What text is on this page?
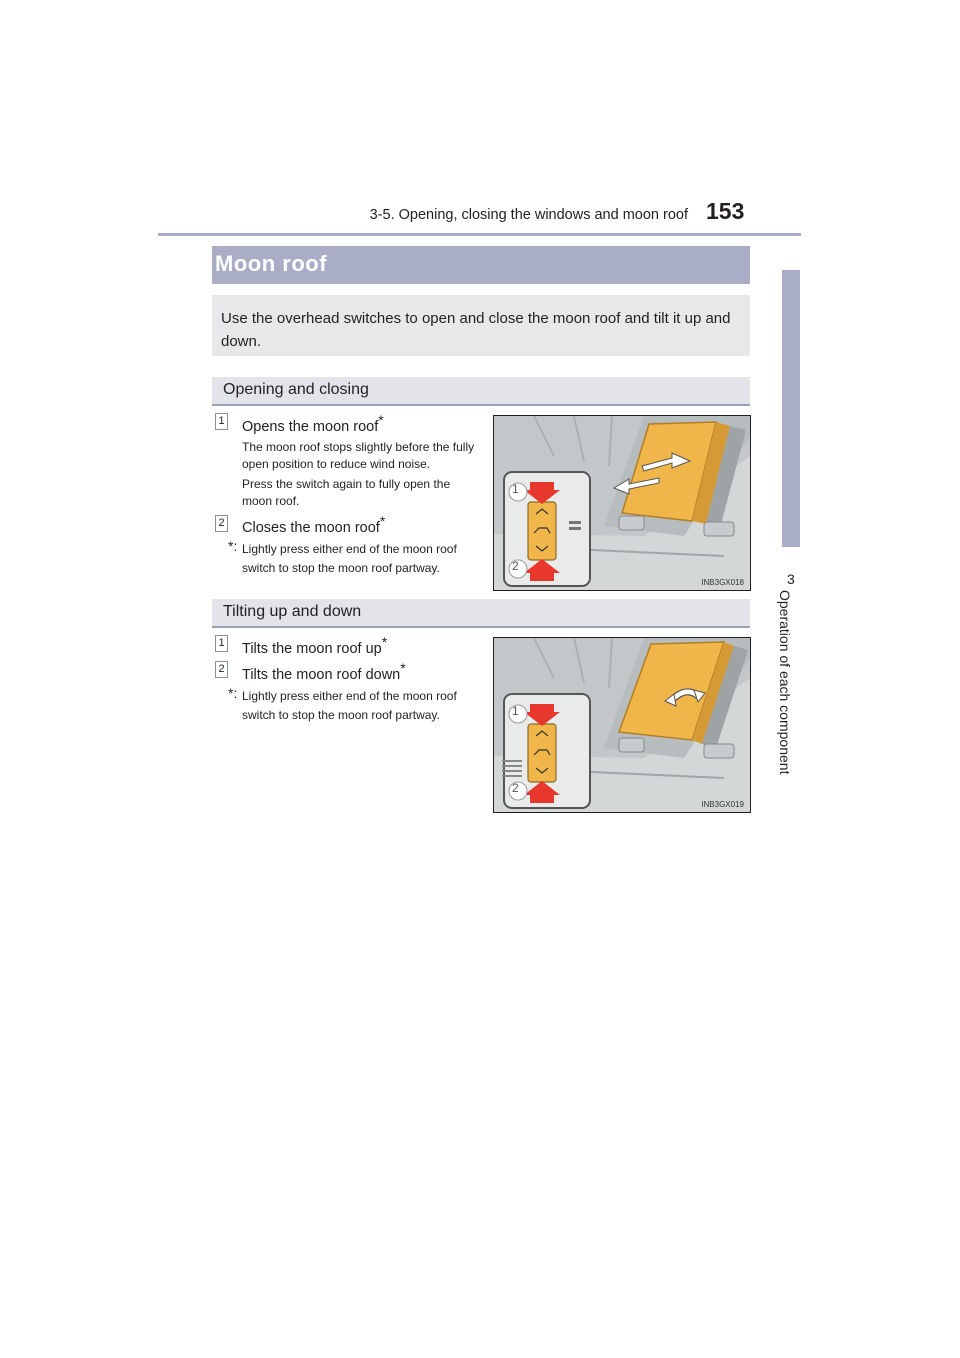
3-5. Opening, closing the windows and moon roof 153
3
Operation of each component
Moon roof

Use the overhead switches to open and close the moon roof and tilt it up and down.

Opening and closing
1 Opens the moon roof*
The moon roof stops slightly before the fully open position to reduce wind noise.
Press the switch again to fully open the moon roof.
2 Closes the moon roof*
*: Lightly press either end of the moon roof switch to stop the moon roof partway.
1
2
INB3GX018
Tilting up and down
1 Tilts the moon roof up*
2 Tilts the moon roof down*
*: Lightly press either end of the moon roof switch to stop the moon roof partway.	1
2
INB3GX019
